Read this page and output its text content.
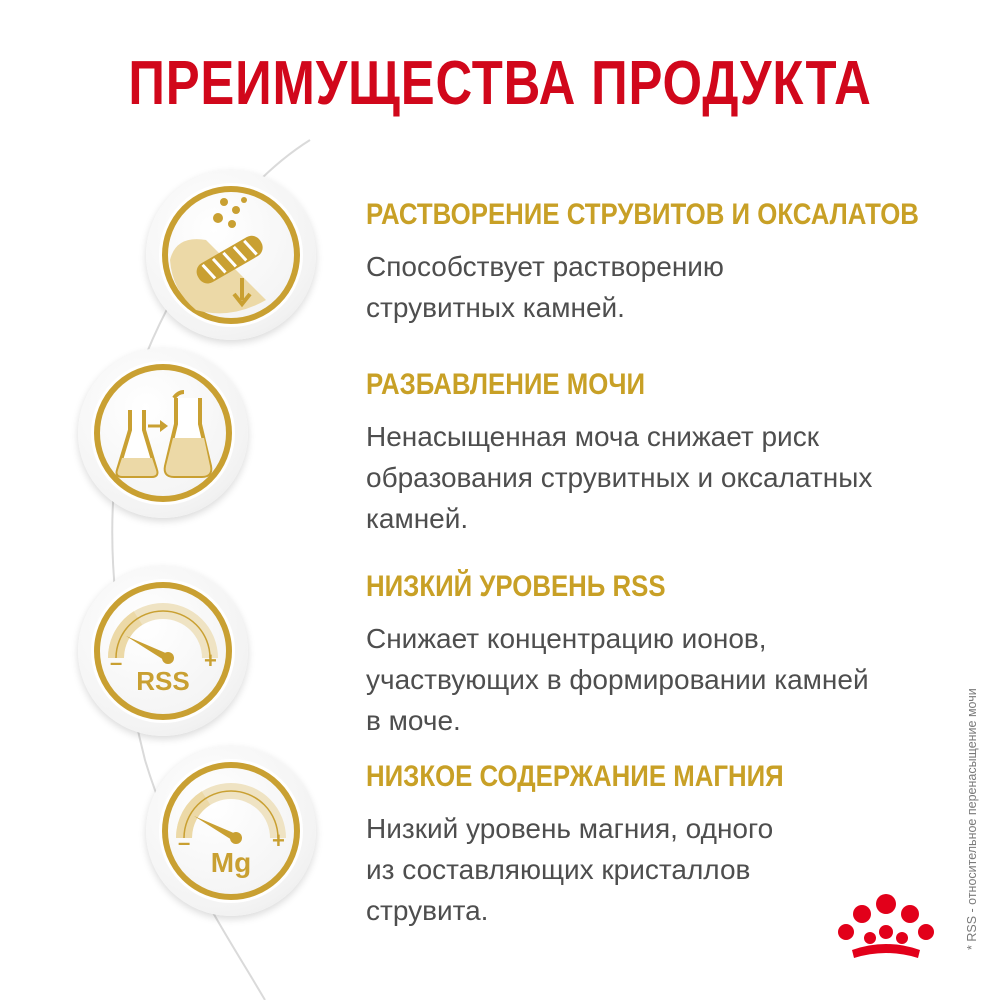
ПРЕИМУЩЕСТВА ПРОДУКТА
–	+
RSS
–	+
Mg
РАСТВОРЕНИЕ СТРУВИТОВ И ОКСАЛАТОВ

Способствует растворению
струвитных камней.

РАЗБАВЛЕНИЕ МОЧИ

Ненасыщенная моча снижает риск
образования струвитных и оксалатных
камней.

НИЗКИЙ УРОВЕНЬ RSS

Снижает концентрацию ионов,
участвующих в формировании камней
в моче.

НИЗКОЕ СОДЕРЖАНИЕ МАГНИЯ

Низкий уровень магния, одного
из составляющих кристаллов
струвита.	* RSS - относительное перенасыщение мочи
